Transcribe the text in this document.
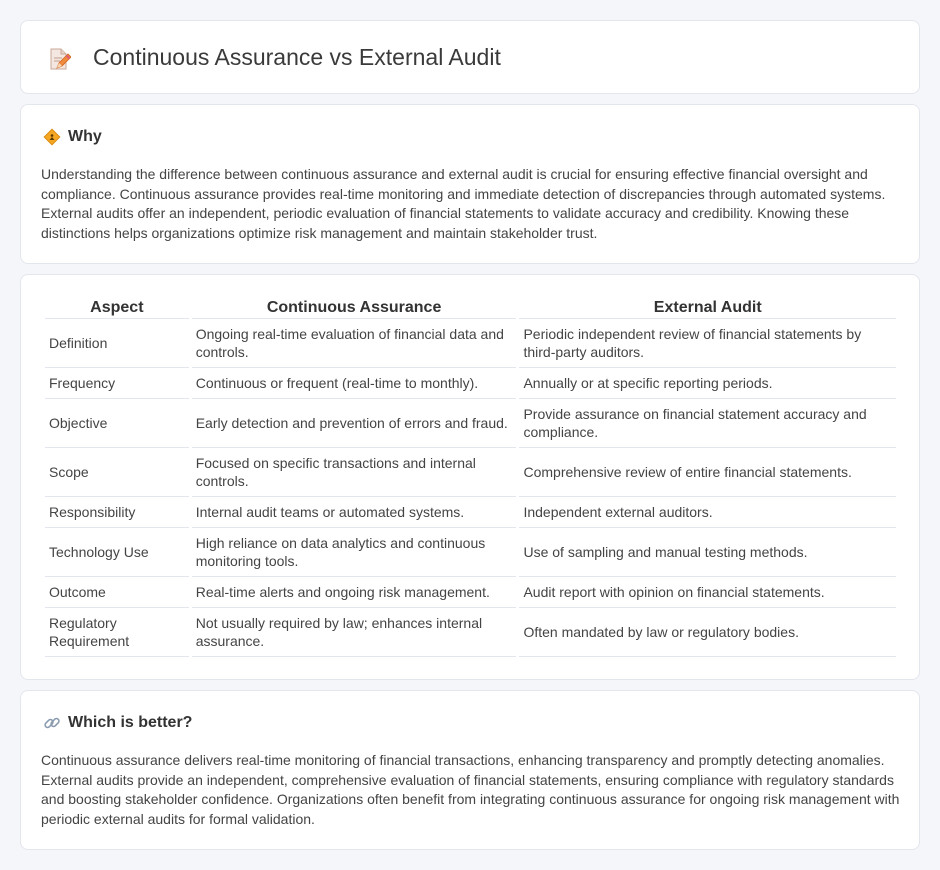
Continuous Assurance vs External Audit
Why

Understanding the difference between continuous assurance and external audit is crucial for ensuring effective financial oversight and compliance. Continuous assurance provides real-time monitoring and immediate detection of discrepancies through automated systems. External audits offer an independent, periodic evaluation of financial statements to validate accuracy and credibility. Knowing these distinctions helps organizations optimize risk management and maintain stakeholder trust.

Aspect	Continuous Assurance	External Audit
Definition	Ongoing real-time evaluation of financial data and controls.	Periodic independent review of financial statements by third-party auditors.
Frequency	Continuous or frequent (real-time to monthly).	Annually or at specific reporting periods.
Objective	Early detection and prevention of errors and fraud.	Provide assurance on financial statement accuracy and compliance.
Scope	Focused on specific transactions and internal controls.	Comprehensive review of entire financial statements.
Responsibility	Internal audit teams or automated systems.	Independent external auditors.
Technology Use	High reliance on data analytics and continuous monitoring tools.	Use of sampling and manual testing methods.
Outcome	Real-time alerts and ongoing risk management.	Audit report with opinion on financial statements.
Regulatory Requirement	Not usually required by law; enhances internal assurance.	Often mandated by law or regulatory bodies.
Which is better?

Continuous assurance delivers real-time monitoring of financial transactions, enhancing transparency and promptly detecting anomalies. External audits provide an independent, comprehensive evaluation of financial statements, ensuring compliance with regulatory standards and boosting stakeholder confidence. Organizations often benefit from integrating continuous assurance for ongoing risk management with periodic external audits for formal validation.
